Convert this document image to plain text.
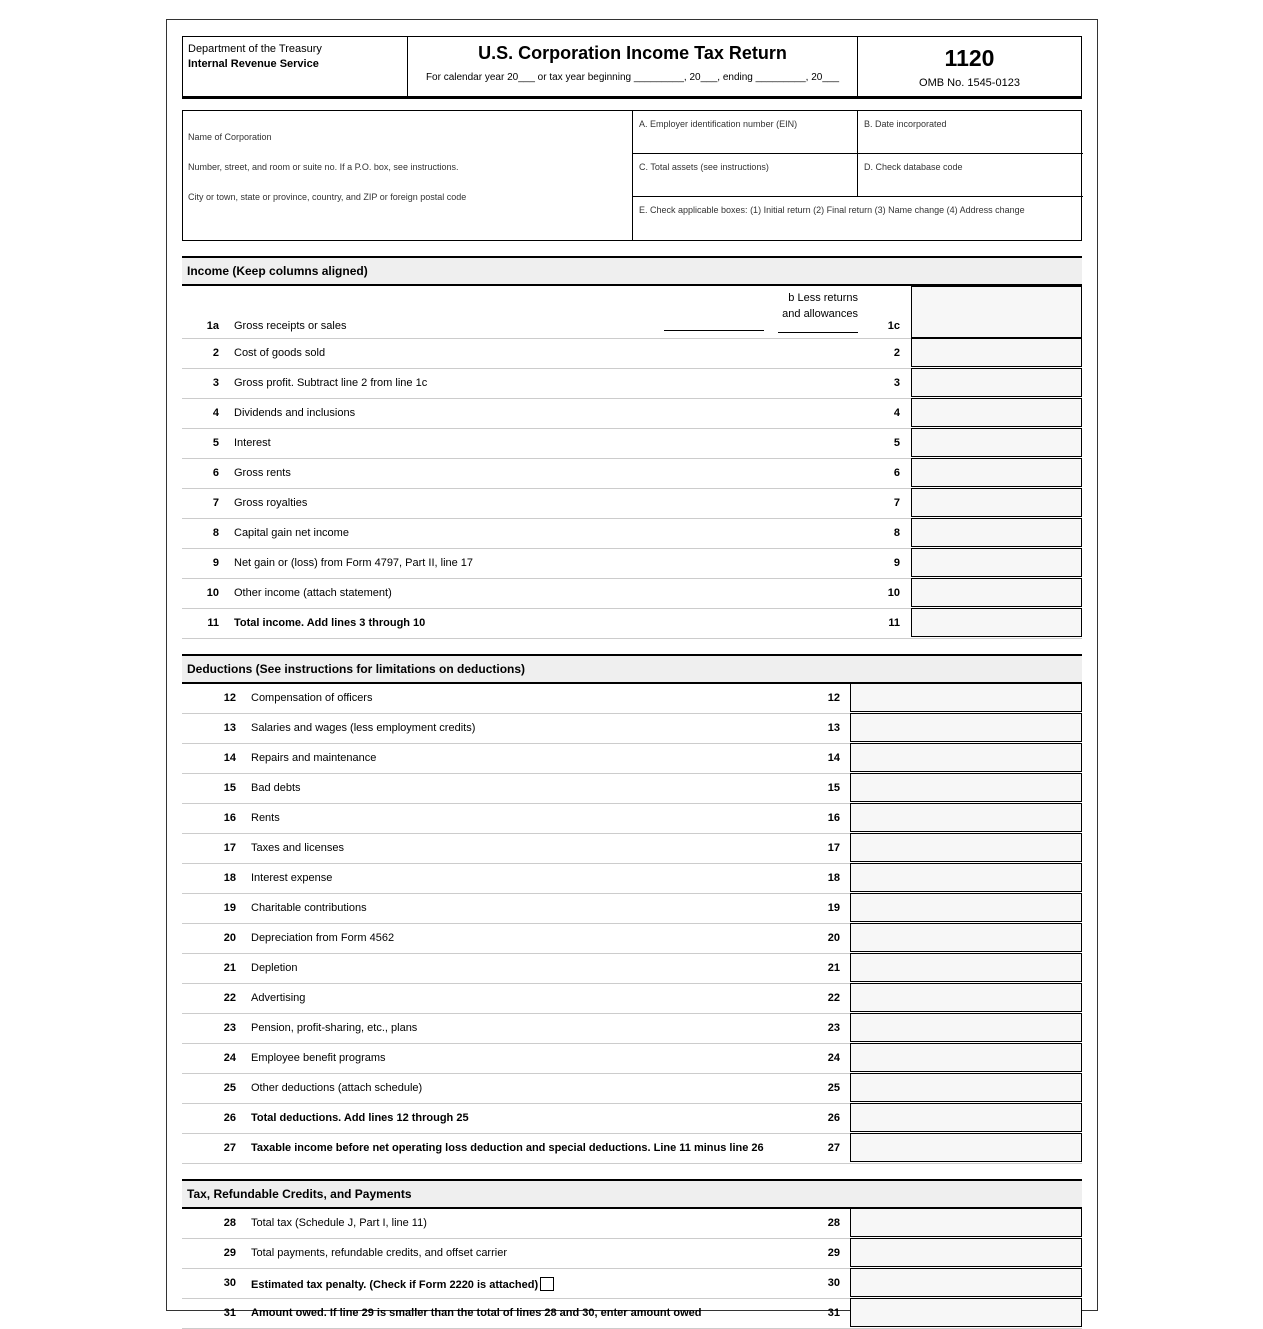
Department of the Treasury
Internal Revenue Service
U.S. Corporation Income Tax Return
For calendar year 20___ or tax year beginning _________, 20___, ending _________, 20___
1120
OMB No. 1545-0123
Name of Corporation
Number, street, and room or suite no. If a P.O. box, see instructions.
City or town, state or province, country, and ZIP or foreign postal code
A. Employer identification number (EIN)	B. Date incorporated
C. Total assets (see instructions)	D. Check database code
E. Check applicable boxes: (1) Initial return (2) Final return (3) Name change (4) Address change
Income (Keep columns aligned)
1a Gross receipts or sales
b Less returns
and allowances
1c
2 Cost of goods sold	2
3 Gross profit. Subtract line 2 from line 1c	3
4 Dividends and inclusions	4
5 Interest	5
6 Gross rents	6
7 Gross royalties	7
8 Capital gain net income	8
9 Net gain or (loss) from Form 4797, Part II, line 17	9
10 Other income (attach statement)	10
11 Total income. Add lines 3 through 10	11
Deductions (See instructions for limitations on deductions)
12 Compensation of officers	12
13 Salaries and wages (less employment credits)	13
14 Repairs and maintenance	14
15 Bad debts	15
16 Rents	16
17 Taxes and licenses	17
18 Interest expense	18
19 Charitable contributions	19
20 Depreciation from Form 4562	20
21 Depletion	21
22 Advertising	22
23 Pension, profit-sharing, etc., plans	23
24 Employee benefit programs	24
25 Other deductions (attach schedule)	25
26 Total deductions. Add lines 12 through 25	26
27 Taxable income before net operating loss deduction and special deductions. Line 11 minus line 26	27
Tax, Refundable Credits, and Payments
28 Total tax (Schedule J, Part I, line 11)	28
29 Total payments, refundable credits, and offset carrier	29
30 Estimated tax penalty. (Check if Form 2220 is attached)	30
31 Amount owed. If line 29 is smaller than the total of lines 28 and 30, enter amount owed	31
